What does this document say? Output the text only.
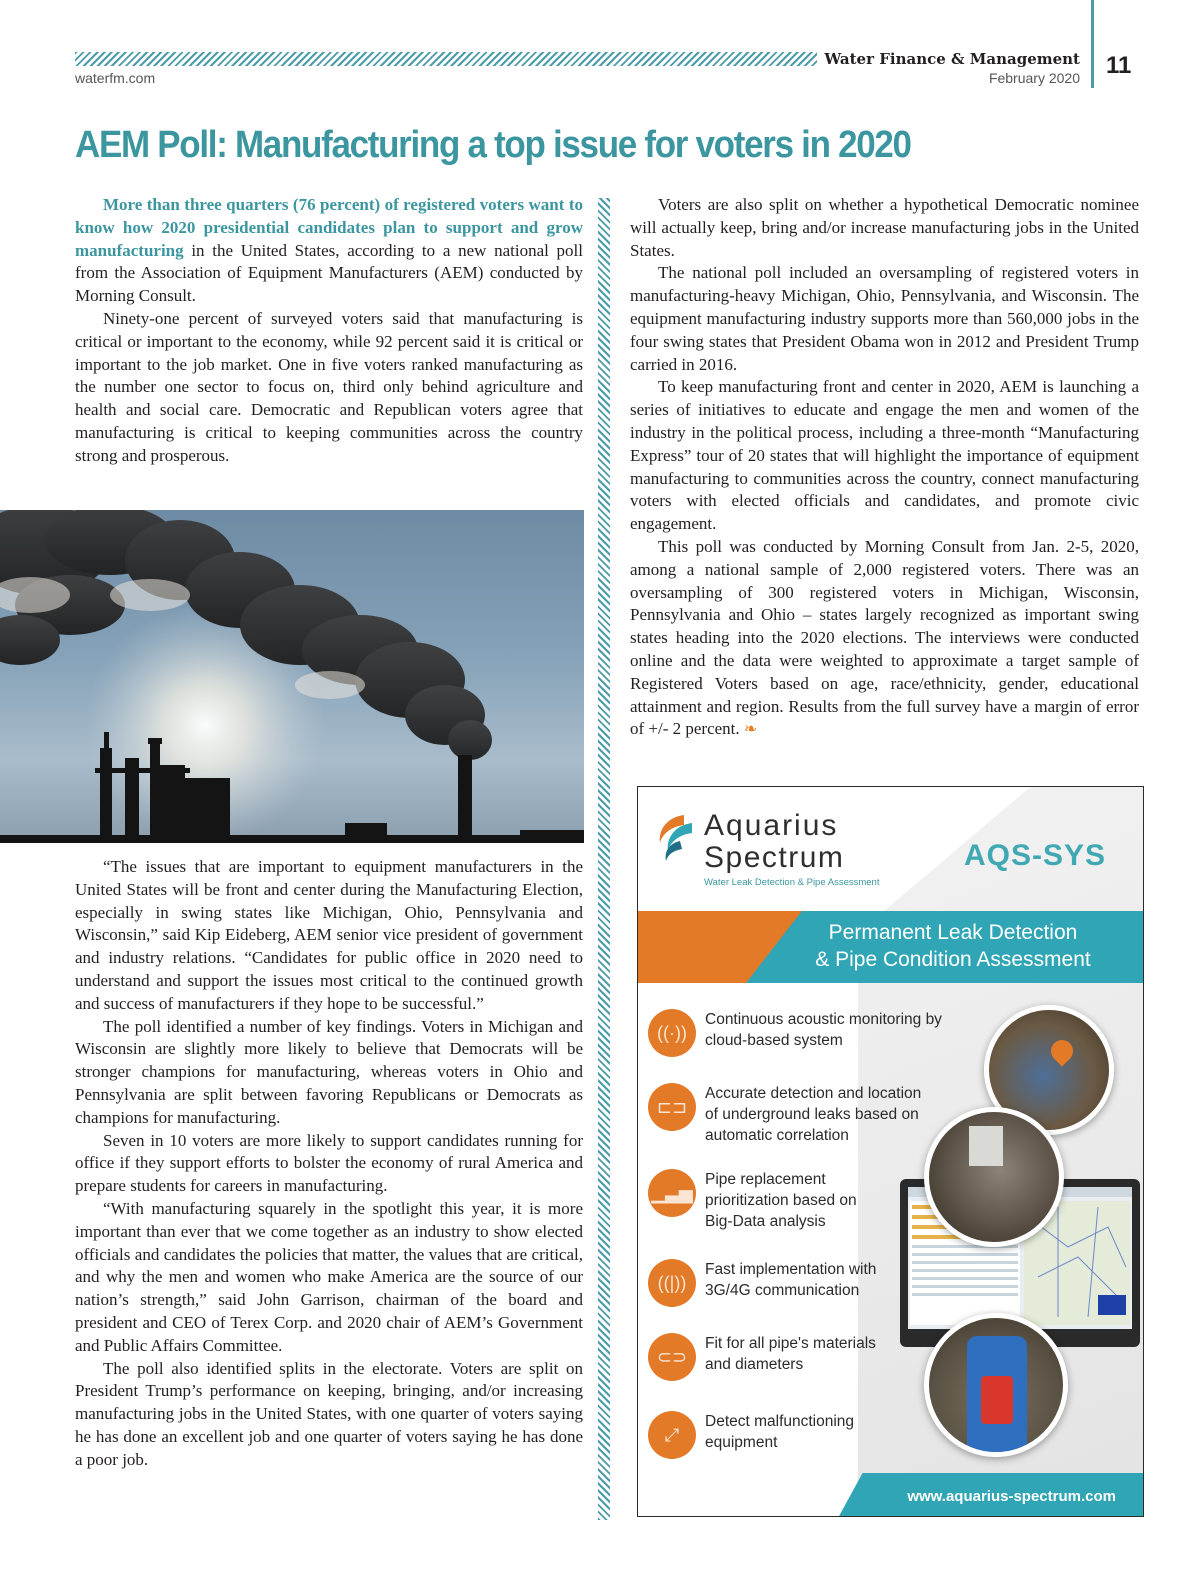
Water Finance & Management
February 2020
waterfm.com	11
AEM Poll: Manufacturing a top issue for voters in 2020

More than three quarters (76 percent) of registered voters want to know how 2020 presidential candidates plan to support and grow manufacturing in the United States, according to a new national poll from the Association of Equipment Manufacturers (AEM) conducted by Morning Consult.

Ninety-one percent of surveyed voters said that manufacturing is critical or important to the economy, while 92 percent said it is critical or important to the job market. One in five voters ranked manufacturing as the number one sector to focus on, third only behind agriculture and health and social care. Democratic and Republican voters agree that manufacturing is critical to keeping communities across the country strong and prosperous.

“The issues that are important to equipment manufacturers in the United States will be front and center during the Manufacturing Election, especially in swing states like Michigan, Ohio, Pennsylvania and Wisconsin,” said Kip Eideberg, AEM senior vice president of government and industry relations. “Candidates for public office in 2020 need to understand and support the issues most critical to the continued growth and success of manufacturers if they hope to be successful.”

The poll identified a number of key findings. Voters in Michigan and Wisconsin are slightly more likely to believe that Democrats will be stronger champions for manufacturing, whereas voters in Ohio and Pennsylvania are split between favoring Republicans or Democrats as champions for manufacturing.

Seven in 10 voters are more likely to support candidates running for office if they support efforts to bolster the economy of rural America and prepare students for careers in manufacturing.

“With manufacturing squarely in the spotlight this year, it is more important than ever that we come together as an industry to show elected officials and candidates the policies that matter, the values that are critical, and why the men and women who make America are the source of our nation’s strength,” said John Garrison, chairman of the board and president and CEO of Terex Corp. and 2020 chair of AEM’s Government and Public Affairs Committee.

The poll also identified splits in the electorate. Voters are split on President Trump’s performance on keeping, bringing, and/or increasing manufacturing jobs in the United States, with one quarter of voters saying he has done an excellent job and one quarter of voters saying he has done a poor job.

Voters are also split on whether a hypothetical Democratic nominee will actually keep, bring and/or increase manufacturing jobs in the United States.

The national poll included an oversampling of registered voters in manufacturing-heavy Michigan, Ohio, Pennsylvania, and Wisconsin. The equipment manufacturing industry supports more than 560,000 jobs in the four swing states that President Obama won in 2012 and President Trump carried in 2016.

To keep manufacturing front and center in 2020, AEM is launching a series of initiatives to educate and engage the men and women of the industry in the political process, including a three-month “Manufacturing Express” tour of 20 states that will highlight the importance of equipment manufacturing to communities across the country, connect manufacturing voters with elected officials and candidates, and promote civic engagement.

This poll was conducted by Morning Consult from Jan. 2-5, 2020, among a national sample of 2,000 registered voters. There was an oversampling of 300 registered voters in Michigan, Wisconsin, Pennsylvania and Ohio – states largely recognized as important swing states heading into the 2020 elections. The interviews were conducted online and the data were weighted to approximate a target sample of Registered Voters based on age, race/ethnicity, gender, educational attainment and region. Results from the full survey have a margin of error of +/- 2 percent. ❧

Aquarius
Spectrum
Water Leak Detection & Pipe Assessment
AQS-SYS
Permanent Leak Detection
& Pipe Condition Assessment
((·))
Continuous acoustic monitoring by cloud-based system
⊏⊐
Accurate detection and location of underground leaks based on automatic correlation
▁▃▅
Pipe replacement prioritization based on Big-Data analysis
((|))
Fast implementation with 3G/4G communication
⊂⊃
Fit for all pipe's materials and diameters
⤢
Detect malfunctioning equipment
www.aquarius-spectrum.com
